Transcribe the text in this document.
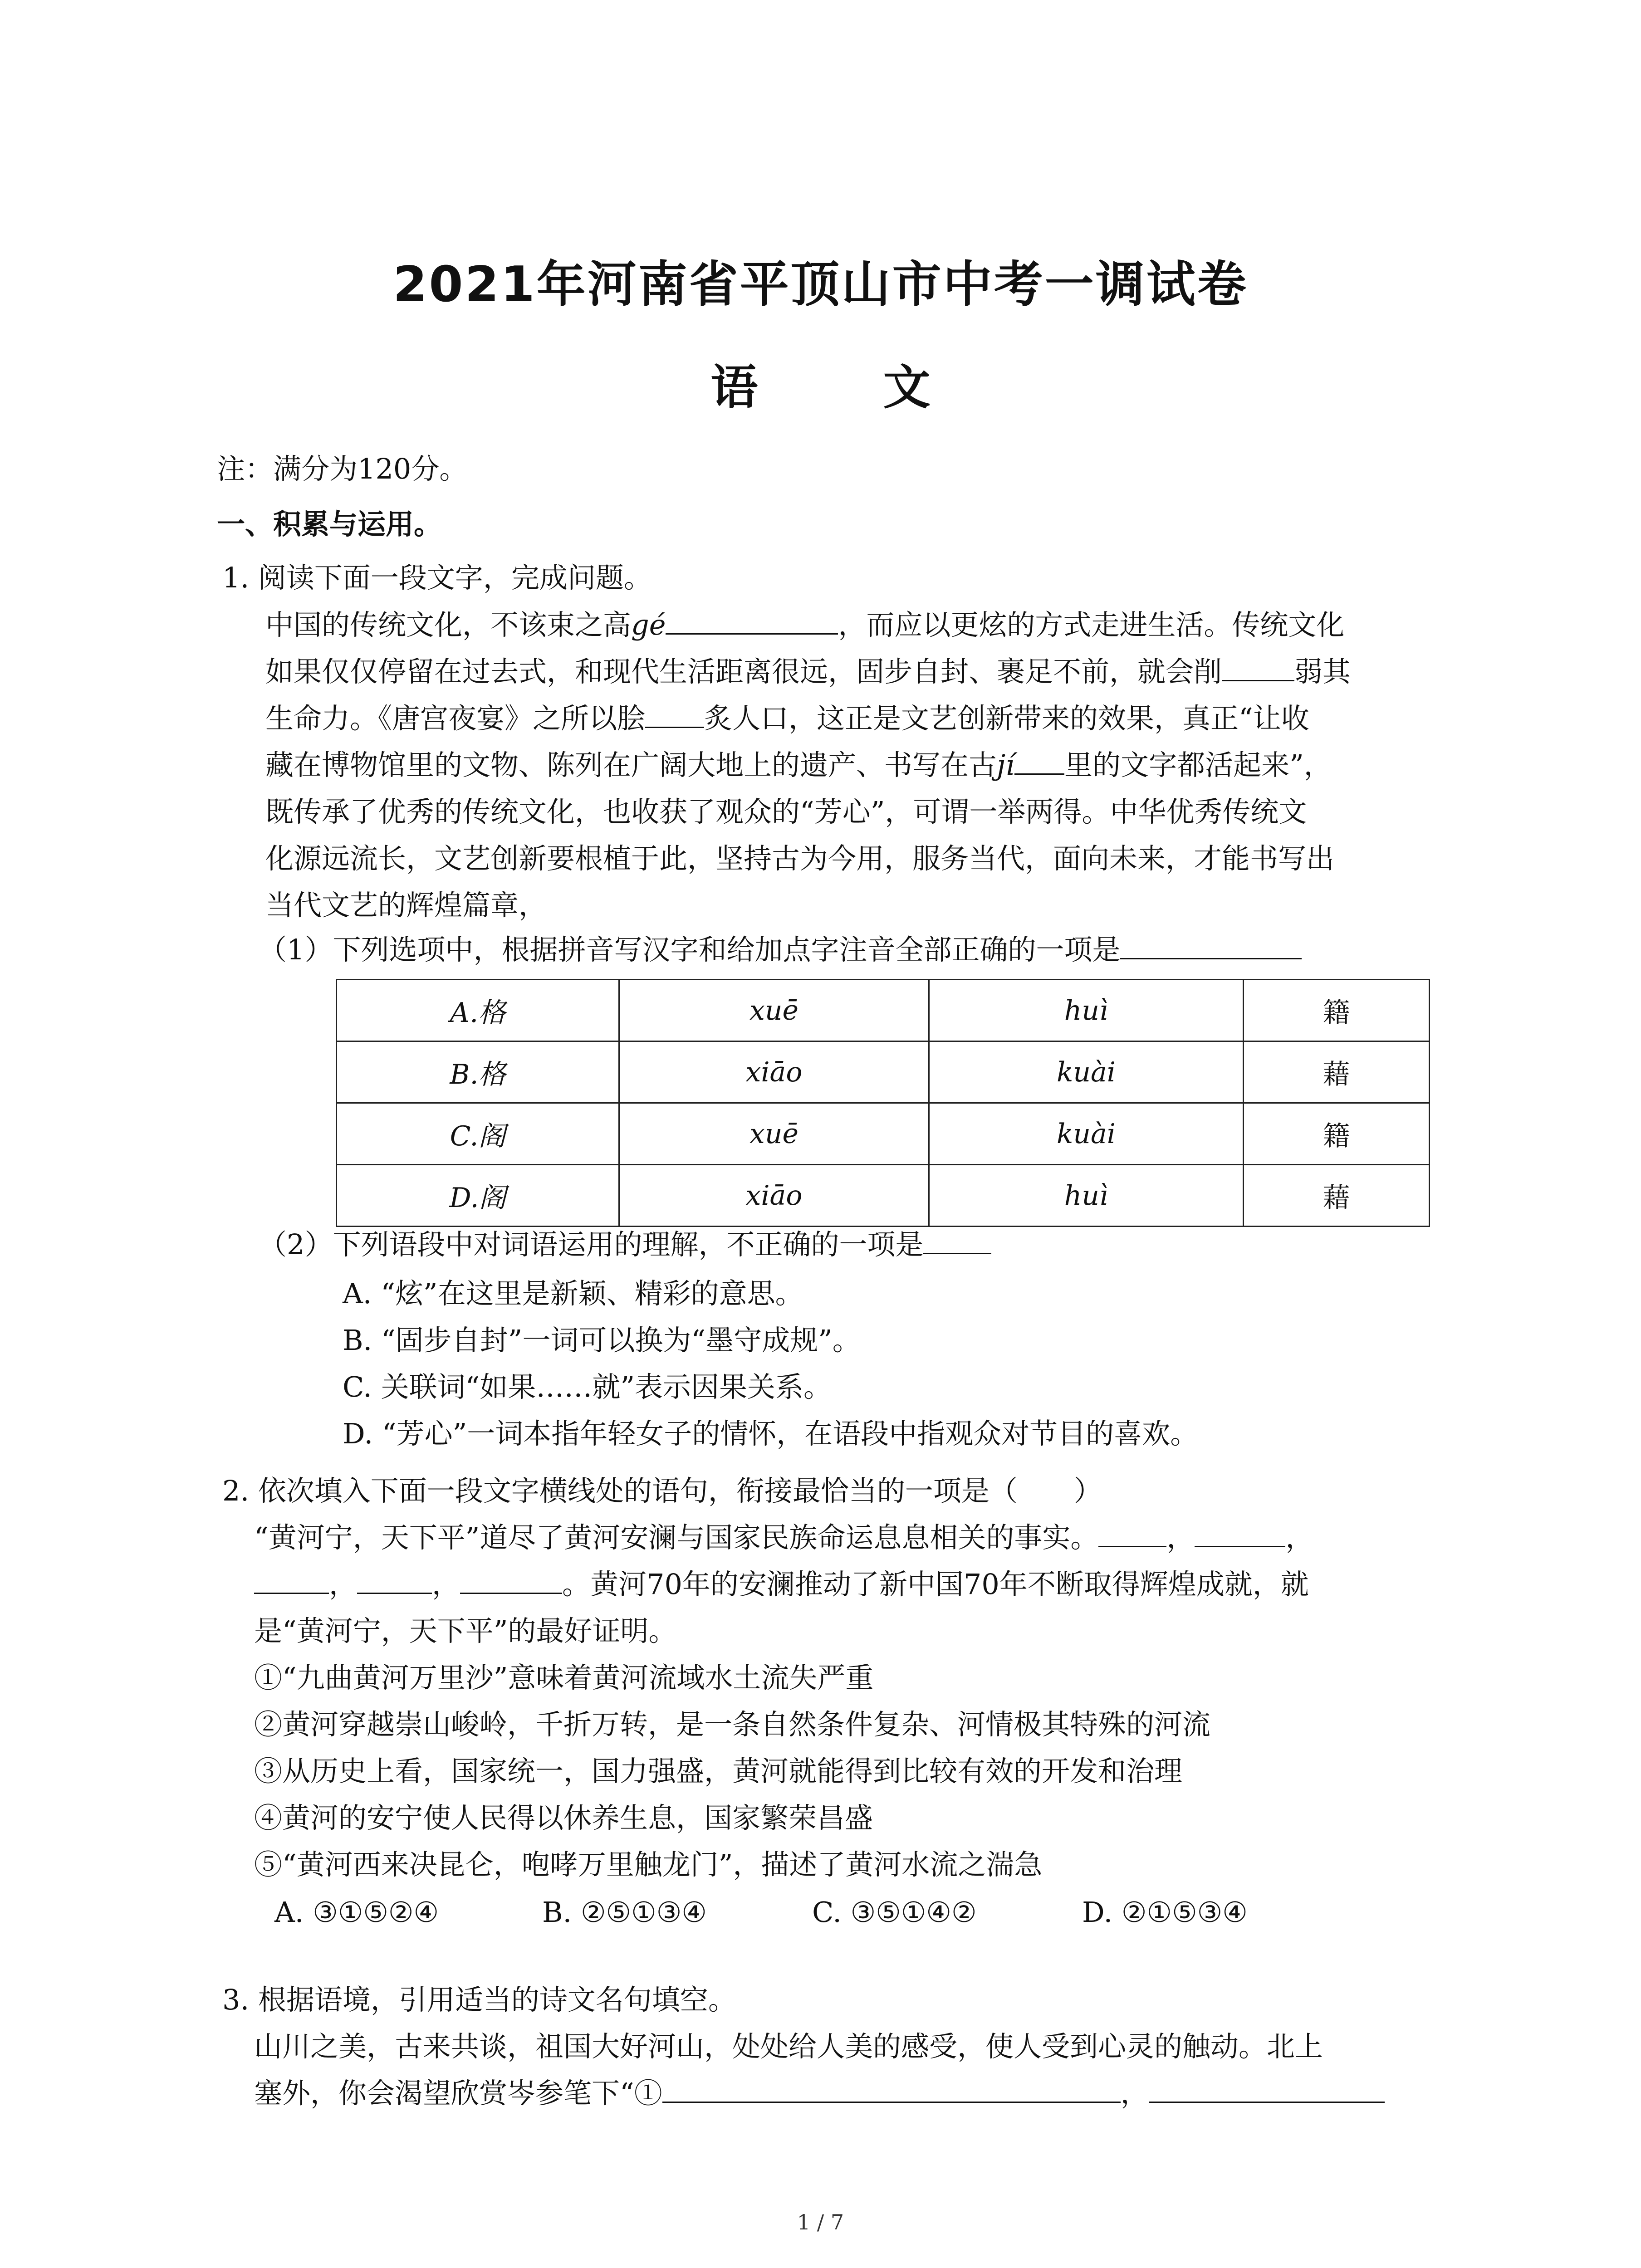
2021年河南省平顶山市中考一调试卷
语 文
注：满分为120分。
一、积累与运用。
1. 阅读下面一段文字，完成问题。
中国的传统文化，不该束之高gé	，而应以更炫的方式走进生活。传统文化
如果仅仅停留在过去式，和现代生活距离很远，固步自封、裹足不前，就会削	弱其
生命力。《唐宫夜宴》之所以脍 炙人口，这正是文艺创新带来的效果，真正“让收
藏在博物馆里的文物、陈列在广阔大地上的遗产、书写在古jí 里的文字都活起来”，
既传承了优秀的传统文化，也收获了观众的“芳心”，可谓一举两得。中华优秀传统文
化源远流长，文艺创新要根植于此，坚持古为今用，服务当代，面向未来，才能书写出
当代文艺的辉煌篇章，
（1）下列选项中，根据拼音写汉字和给加点字注音全部正确的一项是
A.格	xuē	huì	籍
B.格	xiāo	kuài	藉
C.阁	xuē	kuài	籍
D.阁	xiāo	huì	藉
（2）下列语段中对词语运用的理解，不正确的一项是
A. “炫”在这里是新颖、精彩的意思。
B. “固步自封”一词可以换为“墨守成规”。
C. 关联词“如果……就”表示因果关系。
D. “芳心”一词本指年轻女子的情怀，在语段中指观众对节目的喜欢。
2. 依次填入下面一段文字横线处的语句，衔接最恰当的一项是（　　）
“黄河宁，天下平”道尽了黄河安澜与国家民族命运息息相关的事实。 ，	，
，	，	。黄河70年的安澜推动了新中国70年不断取得辉煌成就，就
是“黄河宁，天下平”的最好证明。
①“九曲黄河万里沙”意味着黄河流域水土流失严重
②黄河穿越崇山峻岭，千折万转，是一条自然条件复杂、河情极其特殊的河流
③从历史上看，国家统一，国力强盛，黄河就能得到比较有效的开发和治理
④黄河的安宁使人民得以休养生息，国家繁荣昌盛
⑤“黄河西来决昆仑，咆哮万里触龙门”，描述了黄河水流之湍急
A. ③①⑤②④	B. ②⑤①③④	C. ③⑤①④②	D. ②①⑤③④
3. 根据语境，引用适当的诗文名句填空。
山川之美，古来共谈，祖国大好河山，处处给人美的感受，使人受到心灵的触动。北上
塞外，你会渴望欣赏岑参笔下“①	，
1 / 7
